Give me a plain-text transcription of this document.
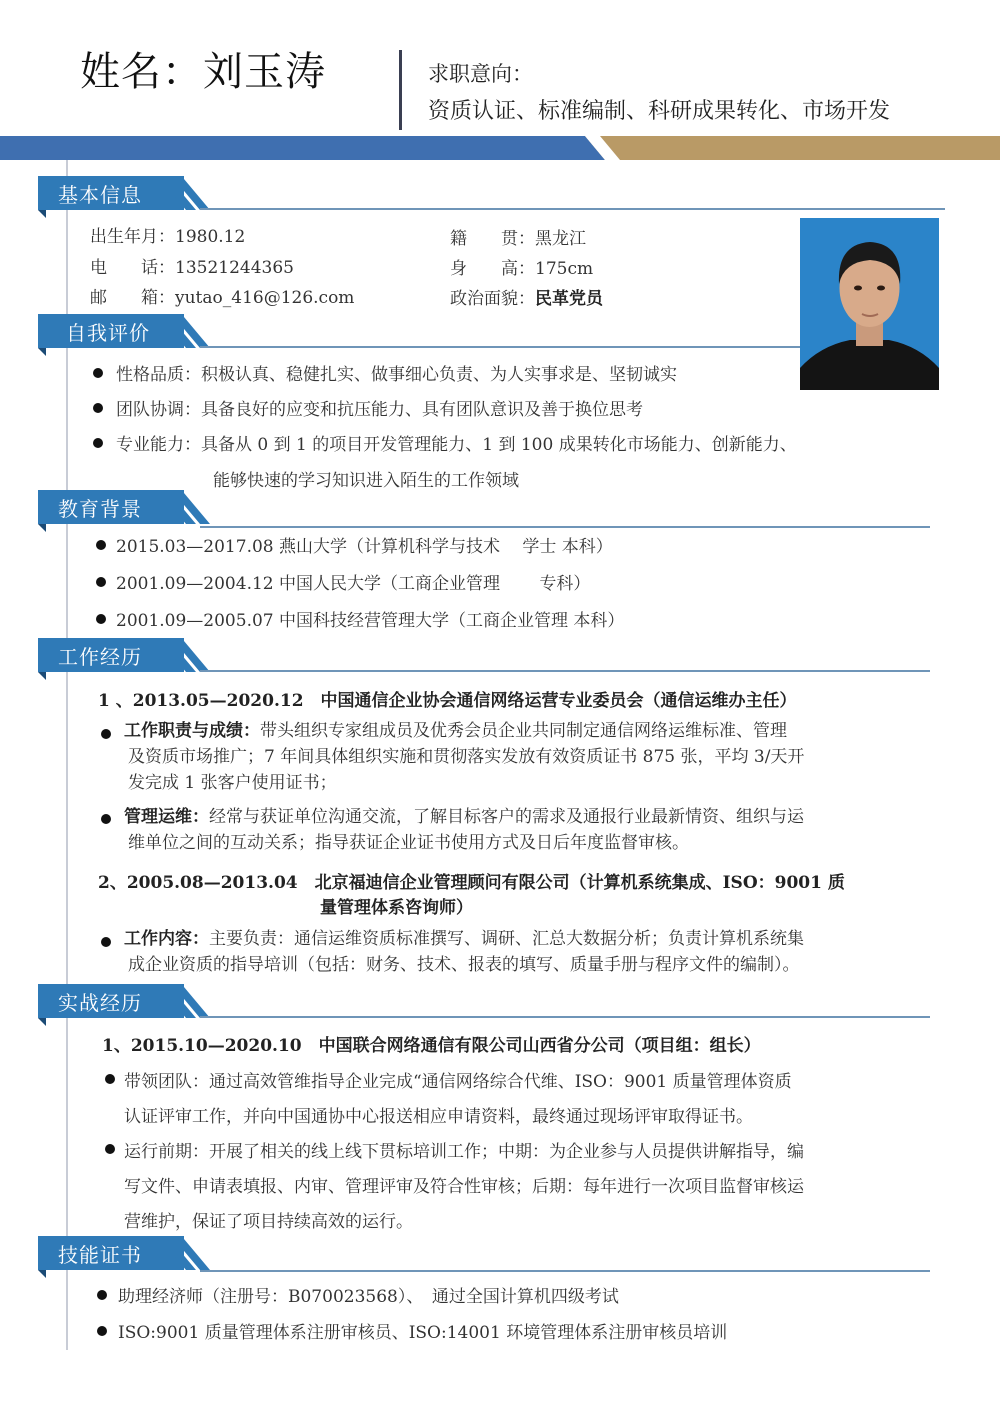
姓名：刘玉涛	求职意向：
资质认证、标准编制、科研成果转化、市场开发
基本信息
出生年月：1980.12
电　　话：13521244365
邮　　箱：yutao_416@126.com
籍　　贯：黑龙江
身　　高：175cm
政治面貌：民革党员
自我评价
性格品质：积极认真、稳健扎实、做事细心负责、为人实事求是、坚韧诚实
团队协调：具备良好的应变和抗压能力、具有团队意识及善于换位思考
专业能力：具备从 0 到 1 的项目开发管理能力、1 到 100 成果转化市场能力、创新能力、
能够快速的学习知识进入陌生的工作领域
教育背景
2015.03—2017.08 燕山大学（计算机科学与技术　 学士 本科）
2001.09—2004.12 中国人民大学（工商企业管理　　 专科）
2001.09—2005.07 中国科技经营管理大学（工商企业管理 本科）
工作经历
1 、2013.05—2020.12　中国通信企业协会通信网络运营专业委员会（通信运维办主任）
工作职责与成绩：带头组织专家组成员及优秀会员企业共同制定通信网络运维标准、管理
及资质市场推广；7 年间具体组织实施和贯彻落实发放有效资质证书 875 张，平均 3/天开
发完成 1 张客户使用证书；
管理运维：经常与获证单位沟通交流，了解目标客户的需求及通报行业最新情资、组织与运
维单位之间的互动关系；指导获证企业证书使用方式及日后年度监督审核。
2、2005.08—2013.04　北京福迪信企业管理顾问有限公司（计算机系统集成、ISO：9001 质
量管理体系咨询师）
工作内容：主要负责：通信运维资质标准撰写、调研、汇总大数据分析；负责计算机系统集
成企业资质的指导培训（包括：财务、技术、报表的填写、质量手册与程序文件的编制）。
实战经历
1、2015.10—2020.10　中国联合网络通信有限公司山西省分公司（项目组：组长）
带领团队：通过高效管维指导企业完成“通信网络综合代维、ISO：9001 质量管理体资质
认证评审工作，并向中国通协中心报送相应申请资料，最终通过现场评审取得证书。
运行前期：开展了相关的线上线下贯标培训工作；中期：为企业参与人员提供讲解指导，编
写文件、申请表填报、内审、管理评审及符合性审核；后期：每年进行一次项目监督审核运
营维护，保证了项目持续高效的运行。
技能证书
助理经济师（注册号：B070023568）、　通过全国计算机四级考试
ISO:9001 质量管理体系注册审核员、ISO:14001 环境管理体系注册审核员培训
